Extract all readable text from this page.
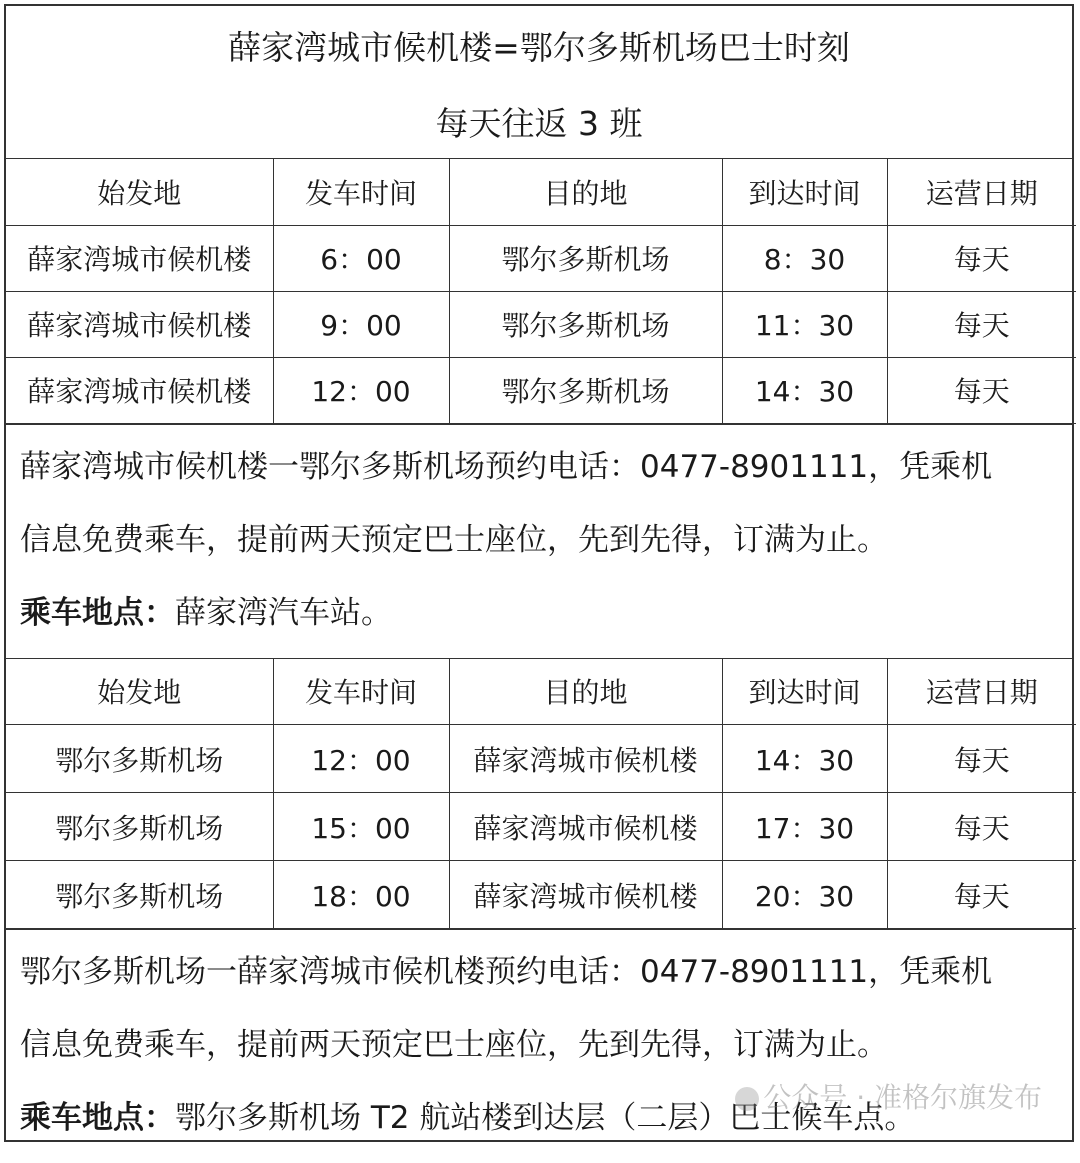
薛家湾城市候机楼=鄂尔多斯机场巴士时刻
每天往返 3 班
始发地	发车时间	目的地	到达时间	运营日期
薛家湾城市候机楼	6：00	鄂尔多斯机场	8：30	每天
薛家湾城市候机楼	9：00	鄂尔多斯机场	11：30	每天
薛家湾城市候机楼	12：00	鄂尔多斯机场	14：30	每天
薛家湾城市候机楼一鄂尔多斯机场预约电话：0477-8901111，凭乘机
信息免费乘车，提前两天预定巴士座位，先到先得，订满为止。
乘车地点：薛家湾汽车站。
始发地	发车时间	目的地	到达时间	运营日期
鄂尔多斯机场	12：00	薛家湾城市候机楼	14：30	每天
鄂尔多斯机场	15：00	薛家湾城市候机楼	17：30	每天
鄂尔多斯机场	18：00	薛家湾城市候机楼	20：30	每天
鄂尔多斯机场一薛家湾城市候机楼预约电话：0477-8901111，凭乘机
信息免费乘车，提前两天预定巴士座位，先到先得，订满为止。
乘车地点：鄂尔多斯机场 T2 航站楼到达层（二层）巴士候车点。
公众号 · 准格尔旗发布
